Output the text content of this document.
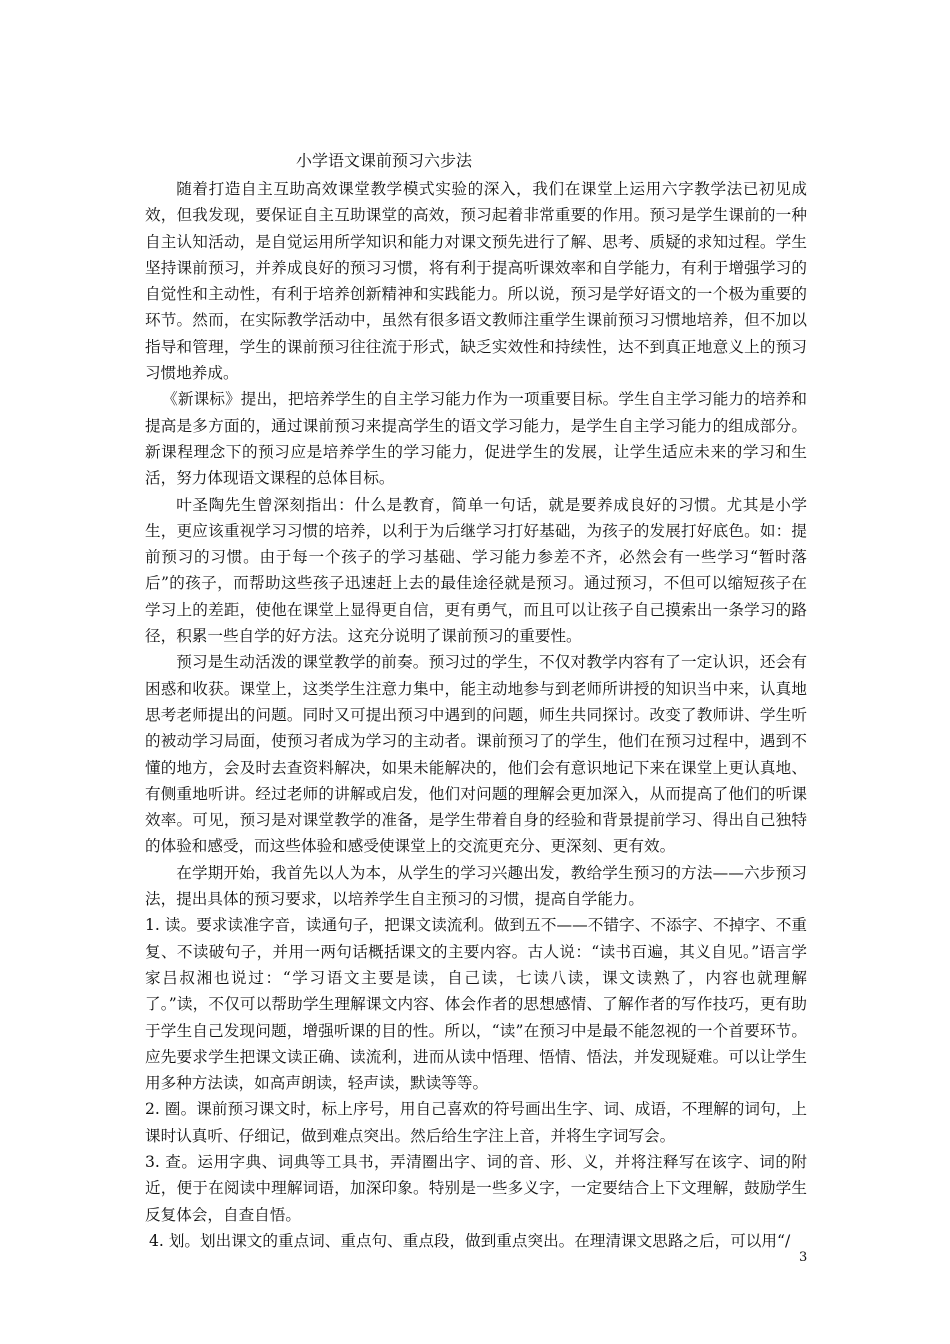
小学语文课前预习六步法

随着打造自主互助高效课堂教学模式实验的深入，我们在课堂上运用六字教学法已初见成效，但我发现，要保证自主互助课堂的高效，预习起着非常重要的作用。预习是学生课前的一种自主认知活动，是自觉运用所学知识和能力对课文预先进行了解、思考、质疑的求知过程。学生坚持课前预习，并养成良好的预习习惯，将有利于提高听课效率和自学能力，有利于增强学习的自觉性和主动性，有利于培养创新精神和实践能力。所以说，预习是学好语文的一个极为重要的环节。然而，在实际教学活动中，虽然有很多语文教师注重学生课前预习习惯地培养，但不加以指导和管理，学生的课前预习往往流于形式，缺乏实效性和持续性，达不到真正地意义上的预习习惯地养成。

《新课标》提出，把培养学生的自主学习能力作为一项重要目标。学生自主学习能力的培养和提高是多方面的，通过课前预习来提高学生的语文学习能力，是学生自主学习能力的组成部分。新课程理念下的预习应是培养学生的学习能力，促进学生的发展，让学生适应未来的学习和生活，努力体现语文课程的总体目标。

叶圣陶先生曾深刻指出：什么是教育，简单一句话，就是要养成良好的习惯。尤其是小学生，更应该重视学习习惯的培养，以利于为后继学习打好基础，为孩子的发展打好底色。如：提前预习的习惯。由于每一个孩子的学习基础、学习能力参差不齐，必然会有一些学习“暂时落后”的孩子，而帮助这些孩子迅速赶上去的最佳途径就是预习。通过预习，不但可以缩短孩子在学习上的差距，使他在课堂上显得更自信，更有勇气，而且可以让孩子自己摸索出一条学习的路径，积累一些自学的好方法。这充分说明了课前预习的重要性。

预习是生动活泼的课堂教学的前奏。预习过的学生，不仅对教学内容有了一定认识，还会有困惑和收获。课堂上，这类学生注意力集中，能主动地参与到老师所讲授的知识当中来，认真地思考老师提出的问题。同时又可提出预习中遇到的问题，师生共同探讨。改变了教师讲、学生听的被动学习局面，使预习者成为学习的主动者。课前预习了的学生，他们在预习过程中，遇到不懂的地方，会及时去查资料解决，如果未能解决的，他们会有意识地记下来在课堂上更认真地、有侧重地听讲。经过老师的讲解或启发，他们对问题的理解会更加深入，从而提高了他们的听课效率。可见，预习是对课堂教学的准备，是学生带着自身的经验和背景提前学习、得出自己独特的体验和感受，而这些体验和感受使课堂上的交流更充分、更深刻、更有效。

在学期开始，我首先以人为本，从学生的学习兴趣出发，教给学生预习的方法——六步预习法，提出具体的预习要求，以培养学生自主预习的习惯，提高自学能力。

1. 读。要求读准字音，读通句子，把课文读流利。做到五不——不错字、不添字、不掉字、不重复、不读破句子，并用一两句话概括课文的主要内容。古人说：“读书百遍，其义自见。”语言学家吕叔湘也说过：“学习语文主要是读，自己读，七读八读，课文读熟了，内容也就理解了。”读，不仅可以帮助学生理解课文内容、体会作者的思想感情、了解作者的写作技巧，更有助于学生自己发现问题，增强听课的目的性。所以，“读”在预习中是最不能忽视的一个首要环节。应先要求学生把课文读正确、读流利，进而从读中悟理、悟情、悟法，并发现疑难。可以让学生用多种方法读，如高声朗读，轻声读，默读等等。

2. 圈。课前预习课文时，标上序号，用自己喜欢的符号画出生字、词、成语，不理解的词句，上课时认真听、仔细记，做到难点突出。然后给生字注上音，并将生字词写会。

3. 查。运用字典、词典等工具书，弄清圈出字、词的音、形、义，并将注释写在该字、词的附近，便于在阅读中理解词语，加深印象。特别是一些多义字，一定要结合上下文理解，鼓励学生反复体会，自查自悟。

4. 划。划出课文的重点词、重点句、重点段，做到重点突出。在理清课文思路之后，可以用“/

3
